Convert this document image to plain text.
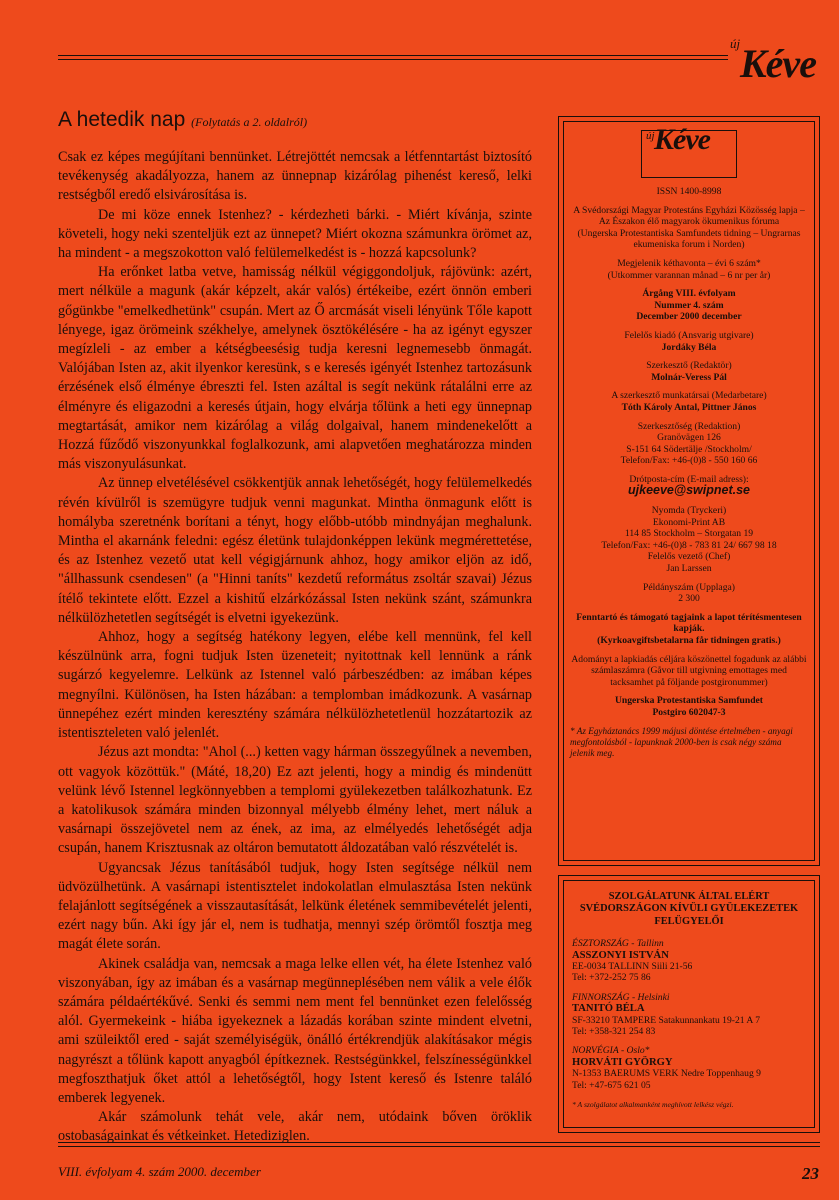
új Kéve
A hetedik nap (Folytatás a 2. oldalról)

Csak ez képes megújítani bennünket. Létrejöttét nemcsak a létfenntartást biztosító tevékenység akadályozza, hanem az ünnepnap kizárólag pihenést kereső, lelki restségből eredő elsivárosítása is.

De mi köze ennek Istenhez? - kérdezheti bárki. - Miért kívánja, szinte követeli, hogy neki szenteljük ezt az ünnepet? Miért okozna számunkra örömet az, ha mindent - a megszokotton való felülemelkedést is - hozzá kapcsolunk?

Ha erőnket latba vetve, hamisság nélkül végiggondoljuk, rájövünk: azért, mert nélküle a magunk (akár képzelt, akár valós) értékeibe, ezért önnön emberi gőgünkbe "emelkedhetünk" csupán. Mert az Ő arcmását viseli lényünk Tőle kapott lényege, igaz örömeink székhelye, amelynek ösztökélésére - ha az igényt egyszer megízleli - az ember a kétségbeesésig tudja keresni legnemesebb önmagát. Valójában Isten az, akit ilyenkor keresünk, s e keresés igényét Istenhez tartozásunk érzésének első élménye ébreszti fel. Isten azáltal is segít nekünk rátalálni erre az élményre és eligazodni a keresés útjain, hogy elvárja tőlünk a heti egy ünnepnap megtartását, amikor nem kizárólag a világ dolgaival, hanem mindenekelőtt a Hozzá fűződő viszonyunkkal foglalkozunk, ami alapvetően meghatározza minden más viszonyulásunkat.

Az ünnep elvetélésével csökkentjük annak lehetőségét, hogy felülemelkedés révén kívülről is szemügyre tudjuk venni magunkat. Mintha önmagunk előtt is homályba szeretnénk borítani a tényt, hogy előbb-utóbb mindnyájan meghalunk. Mintha el akarnánk feledni: egész életünk tulajdonképpen lekünk megmérettetése, és az Istenhez vezető utat kell végigjárnunk ahhoz, hogy amikor eljön az idő, "állhassunk csendesen" (a "Hinni taníts" kezdetű református zsoltár szavai) Jézus ítélő tekintete előtt. Ezzel a kishitű elzárkózással Isten nekünk szánt, számunkra nélkülözhetetlen segítségét is elvetni igyekezünk.

Ahhoz, hogy a segítség hatékony legyen, elébe kell mennünk, fel kell készülnünk arra, fogni tudjuk Isten üzeneteit; nyitottnak kell lennünk a ránk sugárzó kegyelemre. Lelkünk az Istennel való párbeszédben: az imában képes megnyílni. Különösen, ha Isten házában: a templomban imádkozunk. A vasárnap ünnepéhez ezért minden keresztény számára nélkülözhetetlenül hozzátartozik az istentiszteleten való jelenlét.

Jézus azt mondta: "Ahol (...) ketten vagy hárman összegyűlnek a nevemben, ott vagyok közöttük." (Máté, 18,20) Ez azt jelenti, hogy a mindig és mindenütt velünk lévő Istennel legkönnyebben a templomi gyülekezetben találkozhatunk. Ez a katolikusok számára minden bizonnyal mélyebb élmény lehet, mert náluk a vasárnapi összejövetel nem az ének, az ima, az elmélyedés lehetőségét adja csupán, hanem Krisztusnak az oltáron bemutatott áldozatában való részvételét is.

Ugyancsak Jézus tanításából tudjuk, hogy Isten segítsége nélkül nem üdvözülhetünk. A vasárnapi istentisztelet indokolatlan elmulasztása Isten nekünk felajánlott segítségének a visszautasítását, lelkünk életének semmibevételét jelenti, ezért nagy bűn. Aki így jár el, nem is tudhatja, mennyi szép örömtől fosztja meg magát élete során.

Akinek családja van, nemcsak a maga lelke ellen vét, ha élete Istenhez való viszonyában, így az imában és a vasárnap megünneplésében nem válik a vele élők számára példaértékűvé. Senki és semmi nem ment fel bennünket ezen felelősség alól. Gyermekeink - hiába igyekeznek a lázadás korában szinte mindent elvetni, ami szüleiktől ered - saját személyiségük, önálló értékrendjük alakításakor mégis nagyrészt a tőlünk kapott anyagból építkeznek. Restségünkkel, felszínességünkkel megfoszthatjuk őket attól a lehetőségtől, hogy Istent kereső és Istenre találó emberek legyenek.

Akár számolunk tehát vele, akár nem, utódaink bőven öröklik ostobaságainkat és vétkeinket. Hetediziglen.

új Kéve

ISSN 1400-8998

A Svédországi Magyar Protestáns Egyházi Közösség lapja – Az Északon élő magyarok ökumenikus fóruma
(Ungerska Protestantiska Samfundets tidning – Ungrarnas ekumeniska forum i Norden)

Megjelenik kéthavonta – évi 6 szám*
(Utkommer varannan månad – 6 nr per år)

Árgång VIII. évfolyam
Nummer 4. szám
December 2000 december

Felelős kiadó (Ansvarig utgivare)
Jordáky Béla

Szerkesztő (Redaktör)
Molnár-Veress Pál

A szerkesztő munkatársai (Medarbetare)
Tóth Károly Antal, Pittner János

Szerkesztőség (Redaktion)
Granövägen 126
S-151 64 Södertälje /Stockholm/
Telefon/Fax: +46-(0)8 - 550 160 66

Drótposta-cím (E-mail adress):
ujkeeve@swipnet.se

Nyomda (Tryckeri)
Ekonomi-Print AB
114 85 Stockholm – Storgatan 19
Telefon/Fax: +46-(0)8 - 783 81 24/ 667 98 18
Felelős vezető (Chef)
Jan Larssen

Példányszám (Upplaga)
2 300

Fenntartó és támogató tagjaink a lapot térítésmentesen kapják.
(Kyrkoavgiftsbetalarna får tidningen gratis.)

Adományt a lapkiadás céljára köszönettel fogadunk az alábbi számlaszámra (Gåvor till utgivning emottages med tacksamhet på följande postgironummer)

Ungerska Protestantiska Samfundet
Postgiro 602047-3

* Az Egyháztanács 1999 májusi döntése értelmében - anyagi megfontolásból - lapunknak 2000-ben is csak négy száma jelenik meg.

SZOLGÁLATUNK ÁLTAL ELÉRT SVÉDORSZÁGON KÍVÜLI GYÜLEKEZETEK FELÜGYELŐI
ÉSZTORSZÁG - Tallinn
ASSZONYI ISTVÁN
EE-0034 TALLINN Siili 21-56
Tel: +372-252 75 86
FINNORSZÁG - Helsinki
TANITÓ BÉLA
SF-33210 TAMPERE Satakunnankatu 19-21 A 7
Tel: +358-321 254 83
NORVÉGIA - Oslo*
HORVÁTI GYÖRGY
N-1353 BAERUMS VERK Nedre Toppenhaug 9
Tel: +47-675 621 05
* A szolgálatot alkalmanként meghívott lelkész végzi.
VIII. évfolyam 4. szám 2000. december	23
